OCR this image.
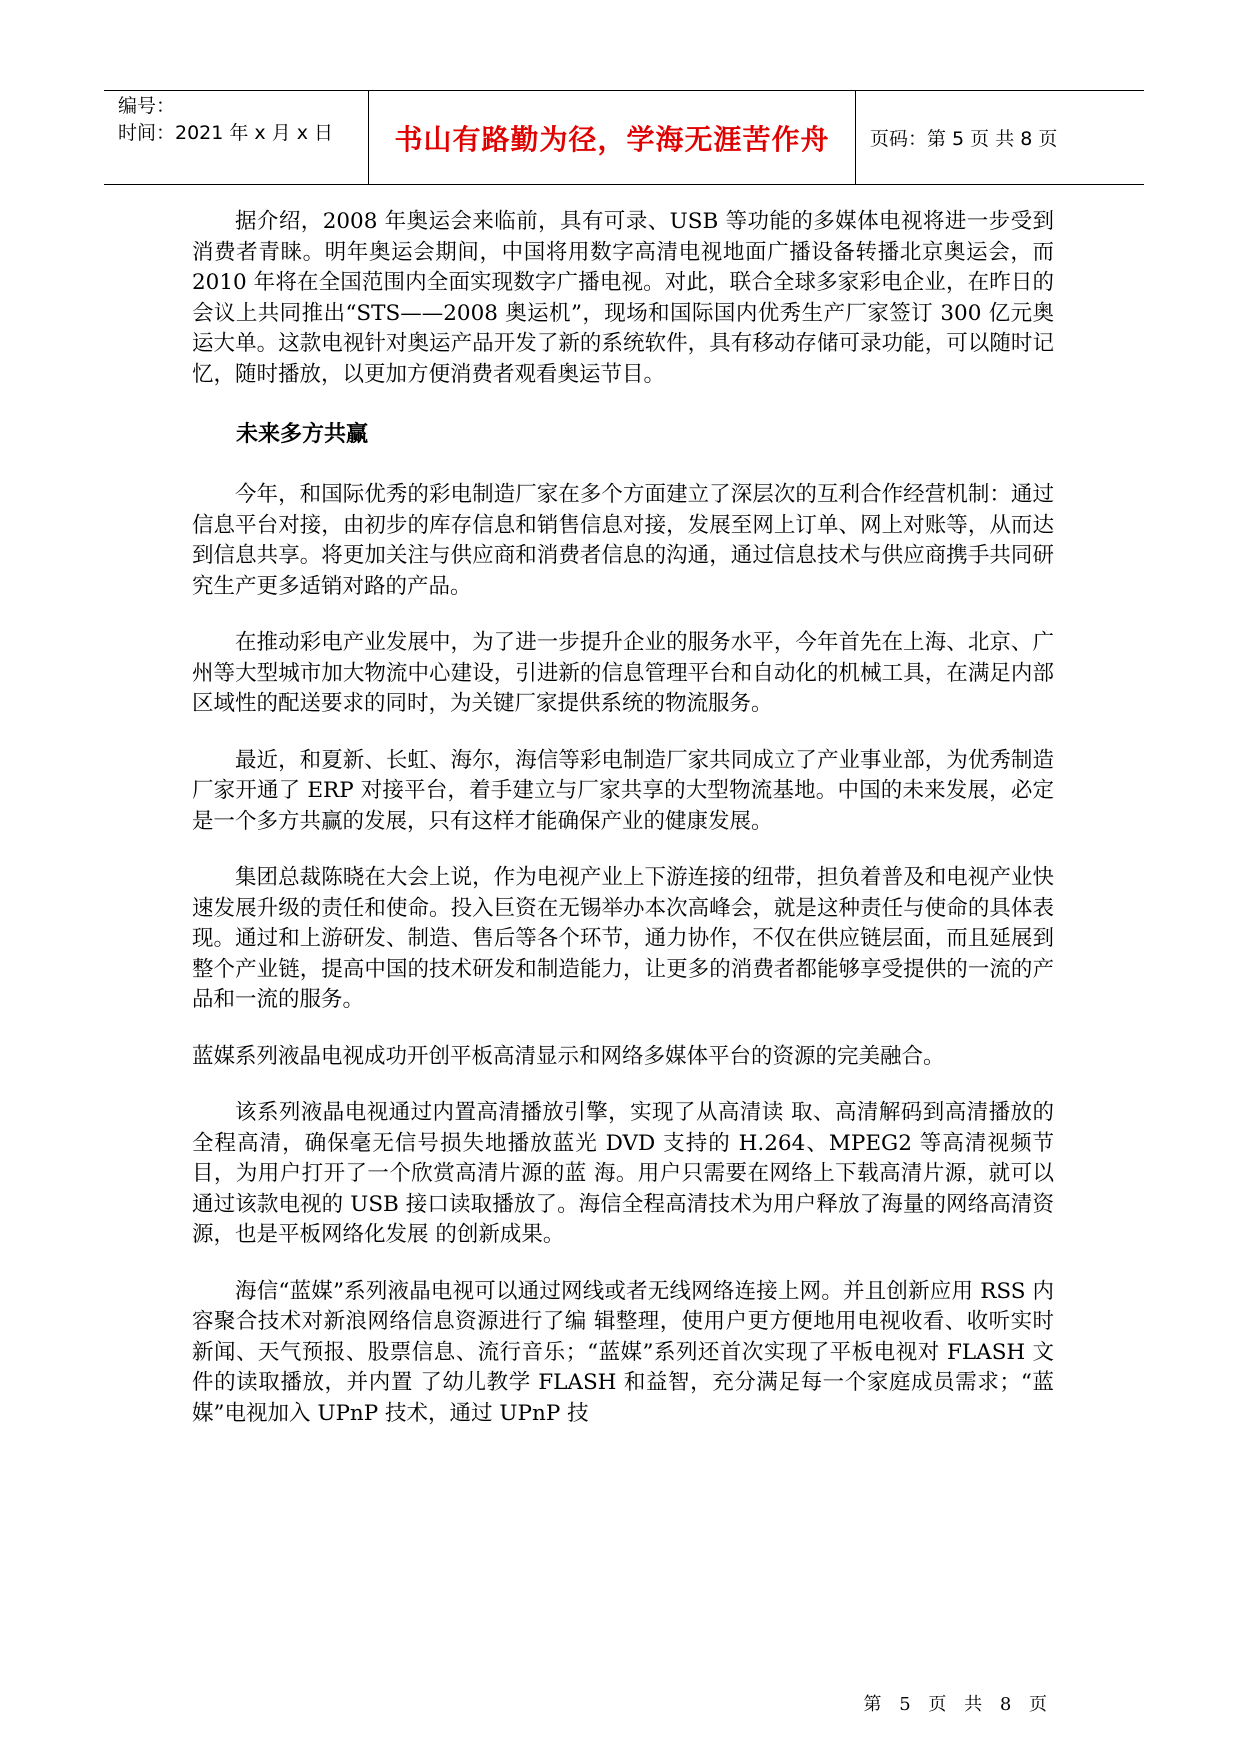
编号：
时间：2021 年 x 月 x 日	书山有路勤为径，学海无涯苦作舟 页码：第 5 页 共 8 页

据介绍，2008 年奥运会来临前，具有可录、USB 等功能的多媒体电视将进一步受到消费者青睐。明年奥运会期间，中国将用数字高清电视地面广播设备转播北京奥运会，而 2010 年将在全国范围内全面实现数字广播电视。对此，联合全球多家彩电企业，在昨日的会议上共同推出“STS——2008 奥运机”，现场和国际国内优秀生产厂家签订 300 亿元奥运大单。这款电视针对奥运产品开发了新的系统软件，具有移动存储可录功能，可以随时记忆，随时播放，以更加方便消费者观看奥运节目。

未来多方共赢

今年，和国际优秀的彩电制造厂家在多个方面建立了深层次的互利合作经营机制：通过信息平台对接，由初步的库存信息和销售信息对接，发展至网上订单、网上对账等，从而达到信息共享。将更加关注与供应商和消费者信息的沟通，通过信息技术与供应商携手共同研究生产更多适销对路的产品。

在推动彩电产业发展中，为了进一步提升企业的服务水平，今年首先在上海、北京、广州等大型城市加大物流中心建设，引进新的信息管理平台和自动化的机械工具，在满足内部区域性的配送要求的同时，为关键厂家提供系统的物流服务。

最近，和夏新、长虹、海尔，海信等彩电制造厂家共同成立了产业事业部，为优秀制造厂家开通了 ERP 对接平台，着手建立与厂家共享的大型物流基地。中国的未来发展，必定是一个多方共赢的发展，只有这样才能确保产业的健康发展。

集团总裁陈晓在大会上说，作为电视产业上下游连接的纽带，担负着普及和电视产业快速发展升级的责任和使命。投入巨资在无锡举办本次高峰会，就是这种责任与使命的具体表现。通过和上游研发、制造、售后等各个环节，通力协作，不仅在供应链层面，而且延展到整个产业链，提高中国的技术研发和制造能力，让更多的消费者都能够享受提供的一流的产品和一流的服务。

蓝媒系列液晶电视成功开创平板高清显示和网络多媒体平台的资源的完美融合。

该系列液晶电视通过内置高清播放引擎，实现了从高清读 取、高清解码到高清播放的全程高清，确保毫无信号损失地播放蓝光 DVD 支持的 H.264、MPEG2 等高清视频节目，为用户打开了一个欣赏高清片源的蓝 海。用户只需要在网络上下载高清片源，就可以通过该款电视的 USB 接口读取播放了。海信全程高清技术为用户释放了海量的网络高清资源，也是平板网络化发展 的创新成果。

海信“蓝媒”系列液晶电视可以通过网线或者无线网络连接上网。并且创新应用 RSS 内容聚合技术对新浪网络信息资源进行了编 辑整理，使用户更方便地用电视收看、收听实时新闻、天气预报、股票信息、流行音乐；“蓝媒”系列还首次实现了平板电视对 FLASH 文件的读取播放，并内置 了幼儿教学 FLASH 和益智，充分满足每一个家庭成员需求；“蓝媒”电视加入 UPnP 技术，通过 UPnP 技

第 5 页 共 8 页
